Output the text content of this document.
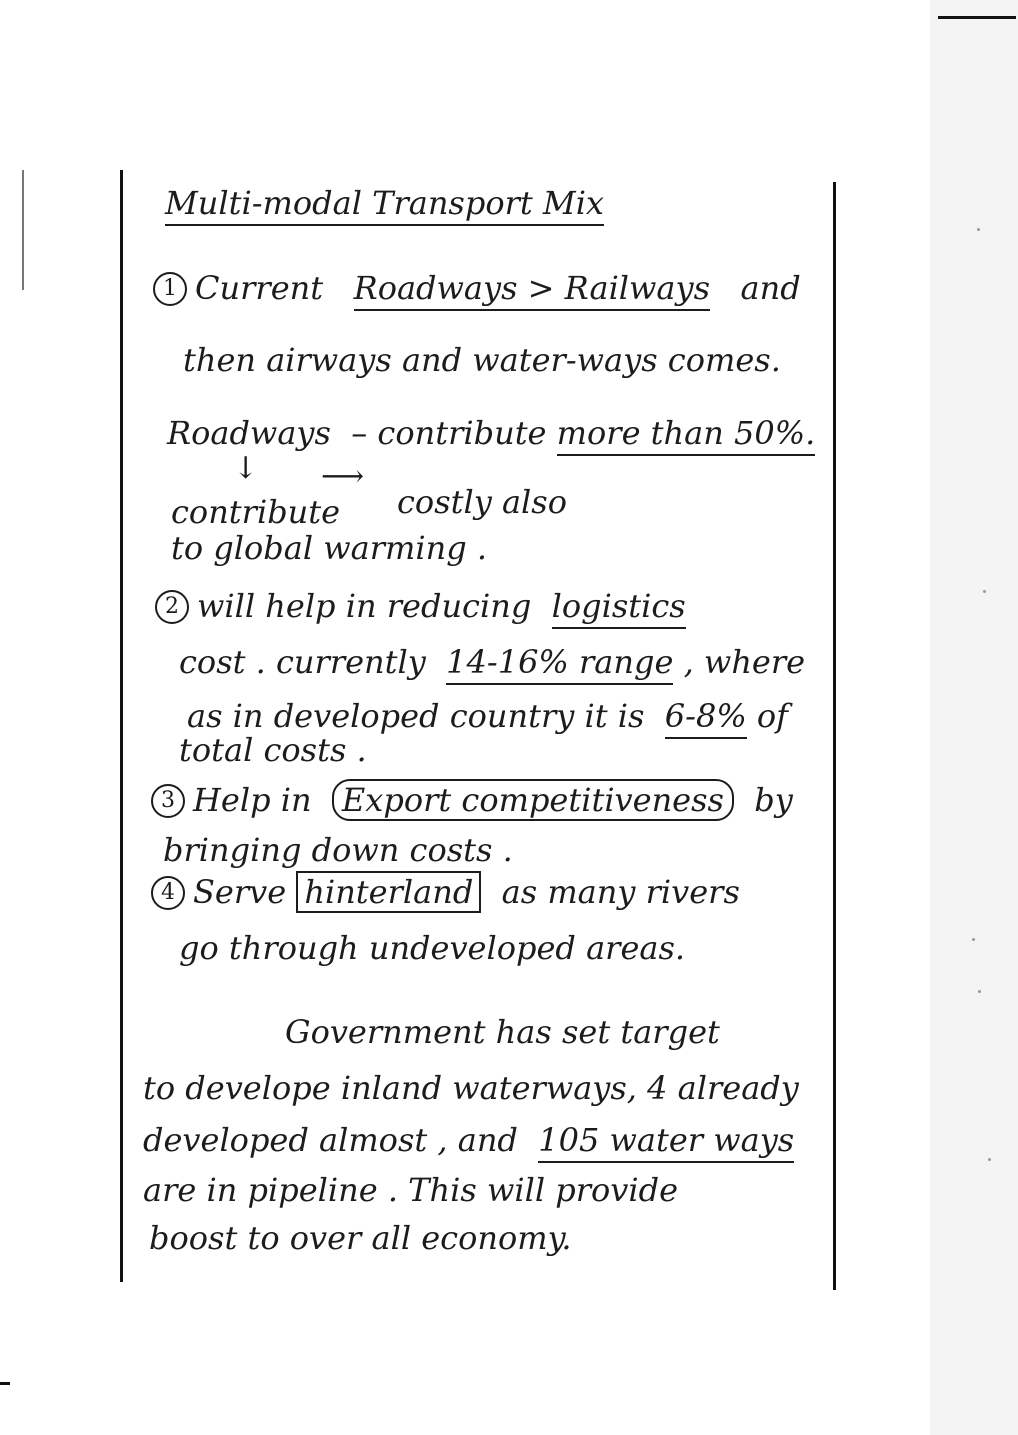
Multi-modal Transport Mix
1 Current Roadways > Railways and
then airways and water-ways comes.
Roadways – contribute more than 50%.
↓ ⟶
costly also
contribute
to global warming .
2 will help in reducing logistics
cost . currently 14-16% range , where
as in developed country it is 6-8% of
total costs .
3 Help in Export competitiveness by
bringing down costs .
4 Serve hinterland as many rivers
go through undeveloped areas.
Government has set target
to develope inland waterways, 4 already
developed almost , and 105 water ways
are in pipeline . This will provide
boost to over all economy.
